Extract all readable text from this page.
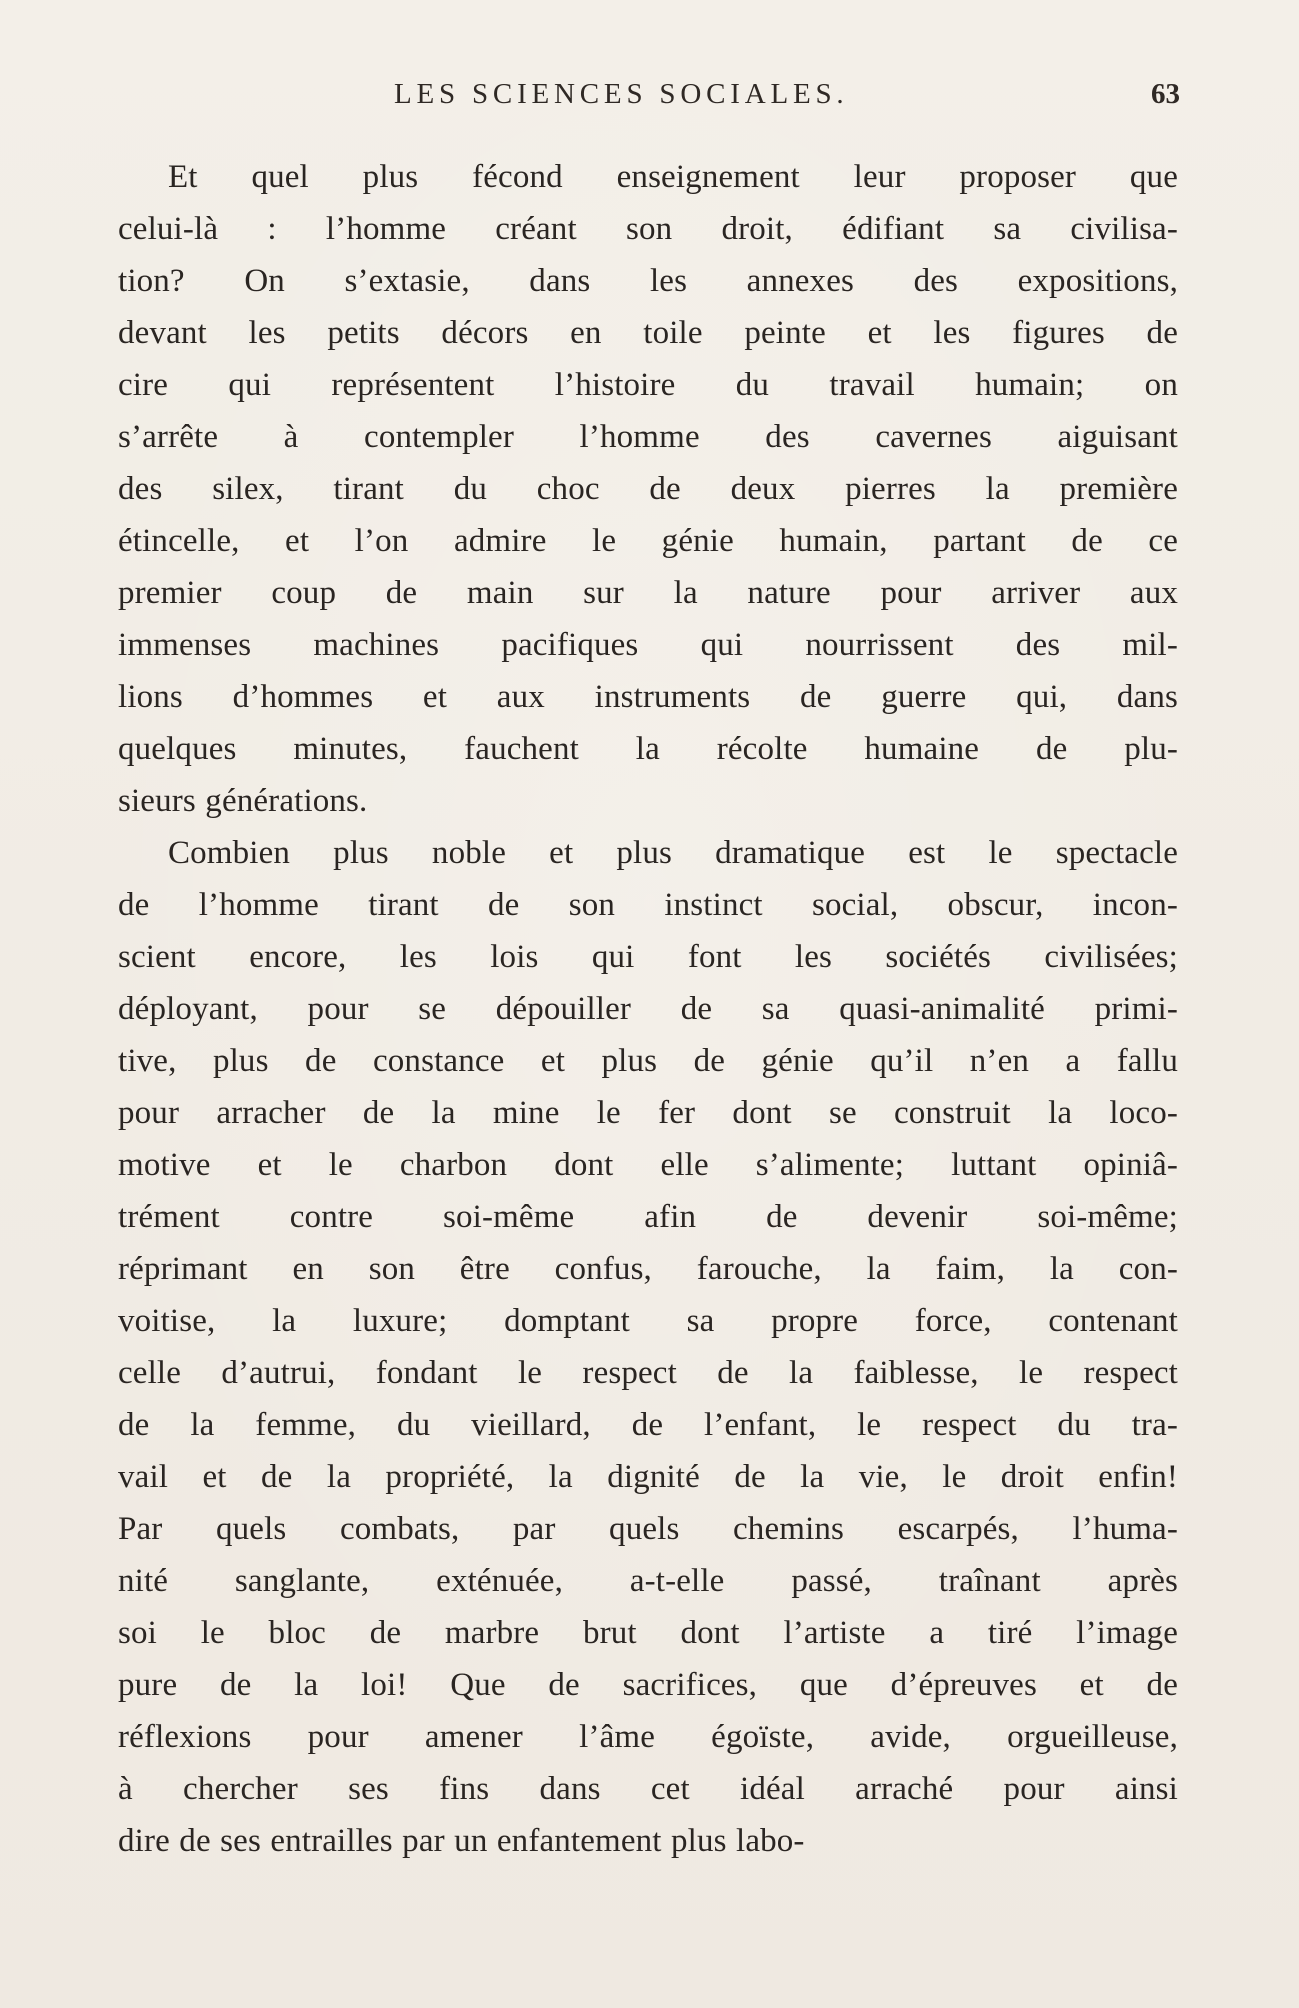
LES SCIENCES SOCIALES.	63
Et quel plus fécond enseignement leur proposer que
celui-là : l’homme créant son droit, édifiant sa civilisa-
tion? On s’extasie, dans les annexes des expositions,
devant les petits décors en toile peinte et les figures de
cire qui représentent l’histoire du travail humain; on
s’arrête à contempler l’homme des cavernes aiguisant
des silex, tirant du choc de deux pierres la première
étincelle, et l’on admire le génie humain, partant de ce
premier coup de main sur la nature pour arriver aux
immenses machines pacifiques qui nourrissent des mil-
lions d’hommes et aux instruments de guerre qui, dans
quelques minutes, fauchent la récolte humaine de plu-
sieurs générations.
Combien plus noble et plus dramatique est le spectacle
de l’homme tirant de son instinct social, obscur, incon-
scient encore, les lois qui font les sociétés civilisées;
déployant, pour se dépouiller de sa quasi-animalité primi-
tive, plus de constance et plus de génie qu’il n’en a fallu
pour arracher de la mine le fer dont se construit la loco-
motive et le charbon dont elle s’alimente; luttant opiniâ-
trément contre soi-même afin de devenir soi-même;
réprimant en son être confus, farouche, la faim, la con-
voitise, la luxure; domptant sa propre force, contenant
celle d’autrui, fondant le respect de la faiblesse, le respect
de la femme, du vieillard, de l’enfant, le respect du tra-
vail et de la propriété, la dignité de la vie, le droit enfin!
Par quels combats, par quels chemins escarpés, l’huma-
nité sanglante, exténuée, a-t-elle passé, traînant après
soi le bloc de marbre brut dont l’artiste a tiré l’image
pure de la loi! Que de sacrifices, que d’épreuves et de
réflexions pour amener l’âme égoïste, avide, orgueilleuse,
à chercher ses fins dans cet idéal arraché pour ainsi
dire de ses entrailles par un enfantement plus labo-
